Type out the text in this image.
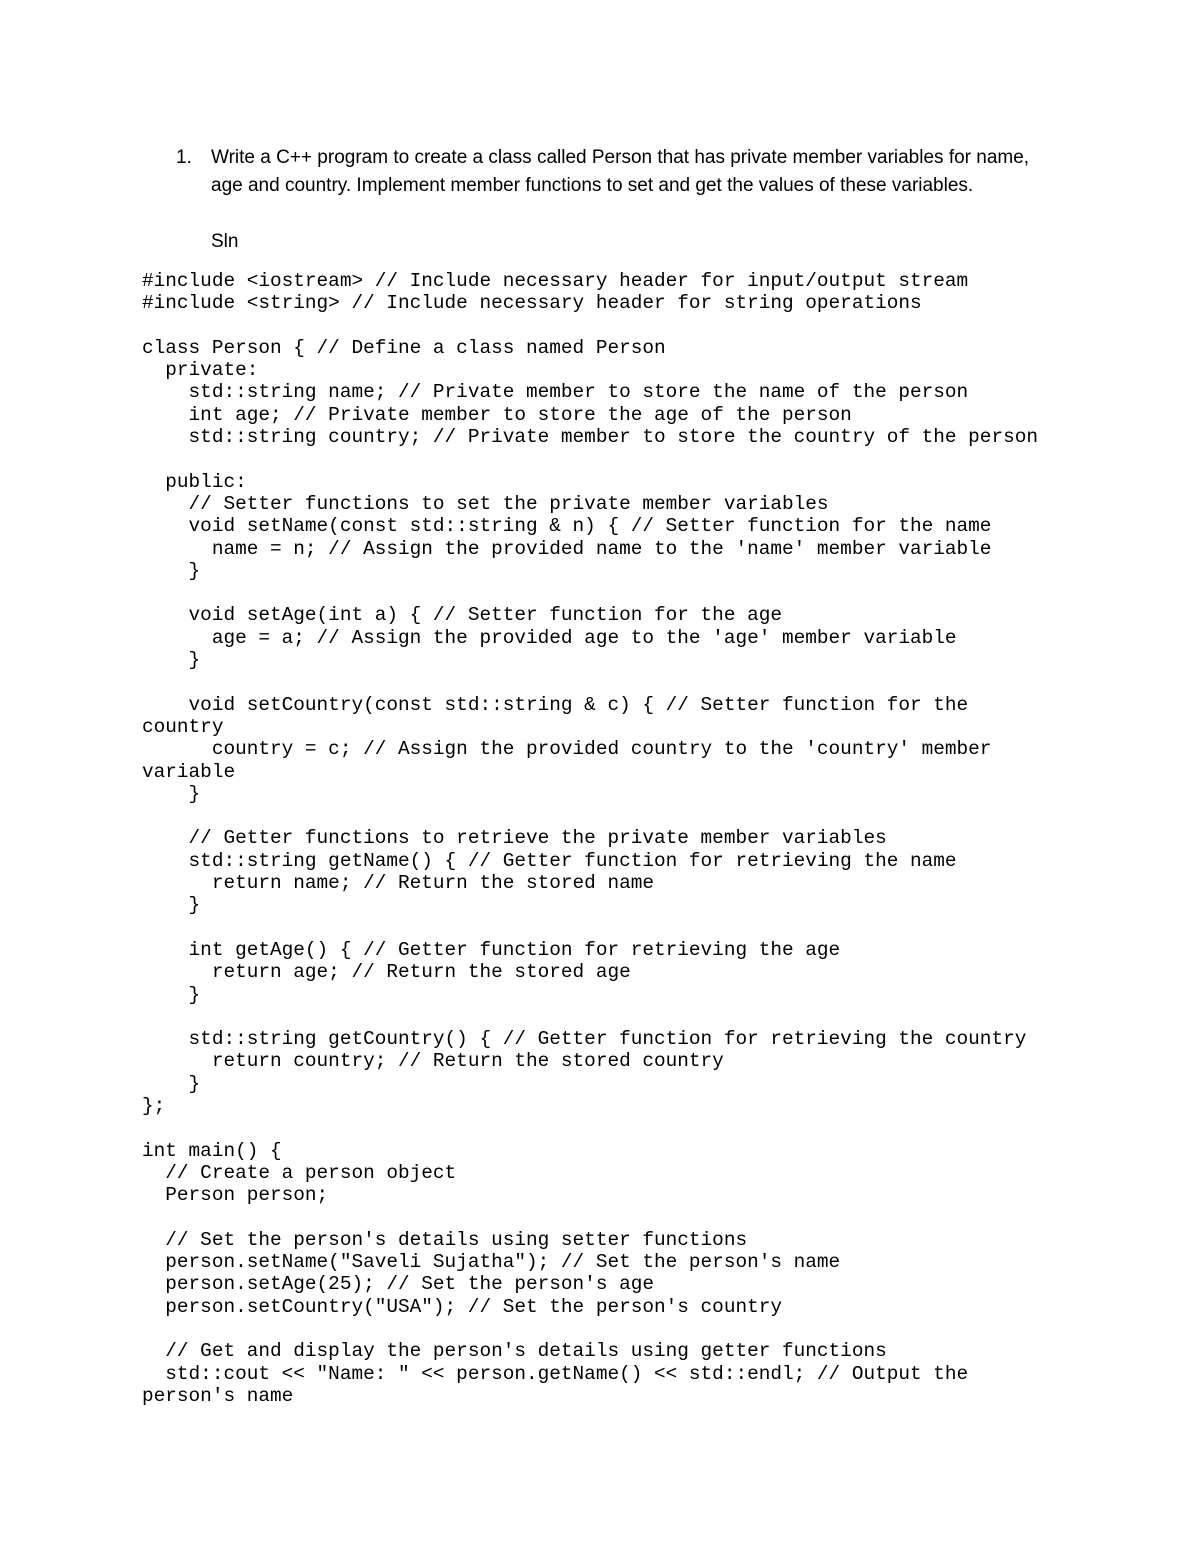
1.	Write a C++ program to create a class called Person that has private member variables for name,
age and country. Implement member functions to set and get the values of these variables.
Sln
#include <iostream> // Include necessary header for input/output stream
#include <string> // Include necessary header for string operations
class Person { // Define a class named Person
private:
std::string name; // Private member to store the name of the person
int age; // Private member to store the age of the person
std::string country; // Private member to store the country of the person
public:
// Setter functions to set the private member variables
void setName(const std::string & n) { // Setter function for the name
name = n; // Assign the provided name to the 'name' member variable
}
void setAge(int a) { // Setter function for the age
age = a; // Assign the provided age to the 'age' member variable
}
void setCountry(const std::string & c) { // Setter function for the
country
country = c; // Assign the provided country to the 'country' member
variable
}
// Getter functions to retrieve the private member variables
std::string getName() { // Getter function for retrieving the name
return name; // Return the stored name
}
int getAge() { // Getter function for retrieving the age
return age; // Return the stored age
}
std::string getCountry() { // Getter function for retrieving the country
return country; // Return the stored country
}
};
int main() {
// Create a person object
Person person;
// Set the person's details using setter functions
person.setName("Saveli Sujatha"); // Set the person's name
person.setAge(25); // Set the person's age
person.setCountry("USA"); // Set the person's country
// Get and display the person's details using getter functions
std::cout << "Name: " << person.getName() << std::endl; // Output the
person's name
